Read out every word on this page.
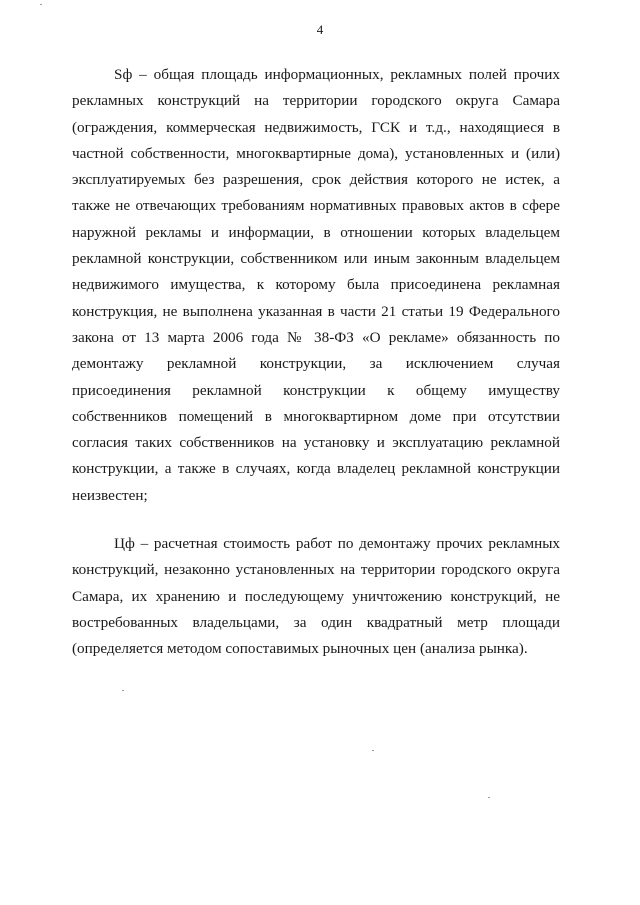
4

Sф – общая площадь информационных, рекламных полей прочих рекламных конструкций на территории городского округа Самара (ограждения, коммерческая недвижимость, ГСК и т.д., находящиеся в частной собственности, многоквартирные дома), установленных и (или) эксплуатируемых без разрешения, срок действия которого не истек, а также не отвечающих требованиям нормативных правовых актов в сфере наружной рекламы и информации, в отношении которых владельцем рекламной конструкции, собственником или иным законным владельцем недвижимого имущества, к которому была присоединена рекламная конструкция, не выполнена указанная в части 21 статьи 19 Федерального закона от 13 марта 2006 года № 38-ФЗ «О рекламе» обязанность по демонтажу рекламной конструкции, за исключением случая присоединения рекламной конструкции к общему имуществу собственников помещений в многоквартирном доме при отсутствии согласия таких собственников на установку и эксплуатацию рекламной конструкции, а также в случаях, когда владелец рекламной конструкции неизвестен;

Цф – расчетная стоимость работ по демонтажу прочих рекламных конструкций, незаконно установленных на территории городского округа Самара, их хранению и последующему уничтожению конструкций, не востребованных владельцами, за один квадратный метр площади (определяется методом сопоставимых рыночных цен (анализа рынка).
